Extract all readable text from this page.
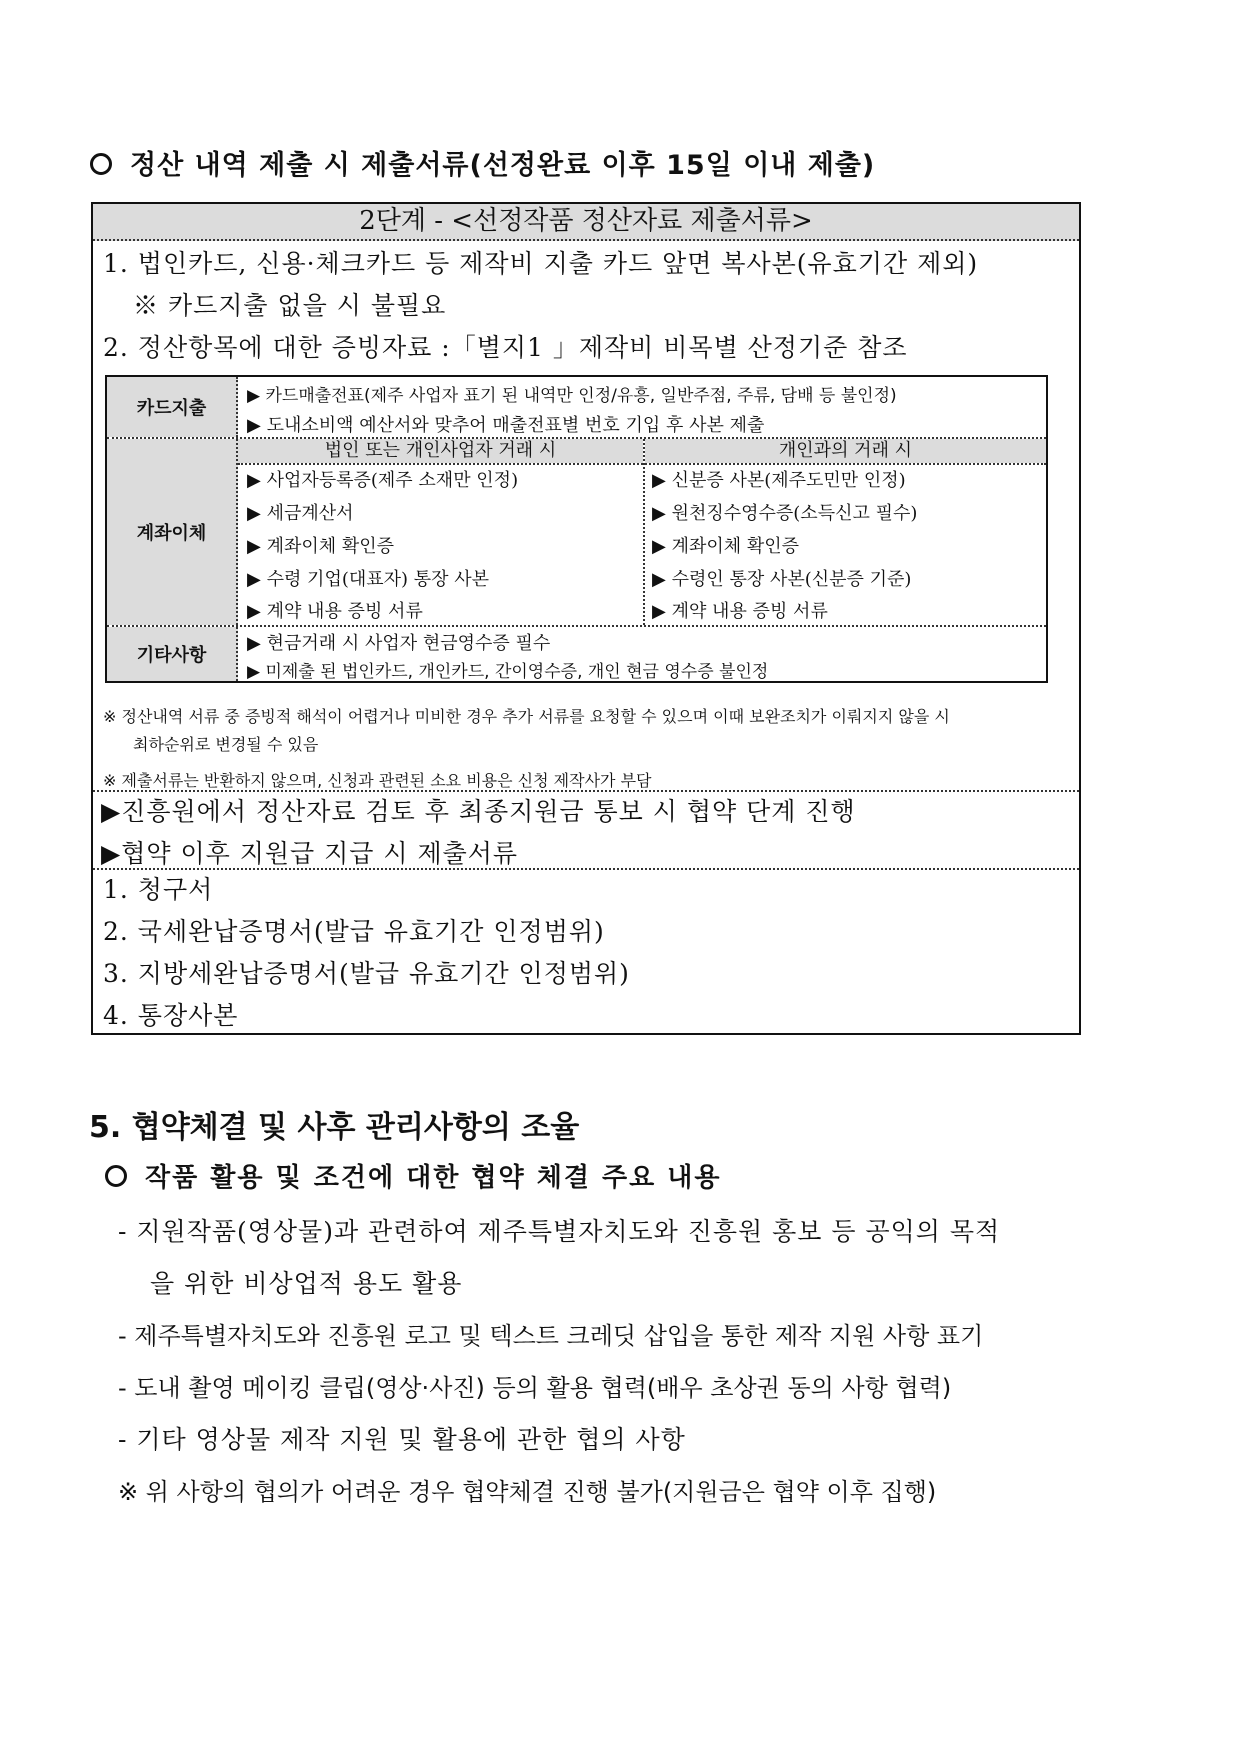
정산 내역 제출 시 제출서류(선정완료 이후 15일 이내 제출)
2단계 - <선정작품 정산자료 제출서류>
1. 법인카드, 신용·체크카드 등 제작비 지출 카드 앞면 복사본(유효기간 제외)
※ 카드지출 없을 시 불필요
2. 정산항목에 대한 증빙자료 :「별지1 」제작비 비목별 산정기준 참조
카드지출
▶ 카드매출전표(제주 사업자 표기 된 내역만 인정/유흥, 일반주점, 주류, 담배 등 불인정)
▶ 도내소비액 예산서와 맞추어 매출전표별 번호 기입 후 사본 제출
계좌이체
법인 또는 개인사업자 거래 시	개인과의 거래 시
▶ 사업자등록증(제주 소재만 인정)
▶ 세금계산서
▶ 계좌이체 확인증
▶ 수령 기업(대표자) 통장 사본
▶ 계약 내용 증빙 서류
▶ 신분증 사본(제주도민만 인정)
▶ 원천징수영수증(소득신고 필수)
▶ 계좌이체 확인증
▶ 수령인 통장 사본(신분증 기준)
▶ 계약 내용 증빙 서류
기타사항
▶ 현금거래 시 사업자 현금영수증 필수
▶ 미제출 된 법인카드, 개인카드, 간이영수증, 개인 현금 영수증 불인정
※ 정산내역 서류 중 증빙적 해석이 어렵거나 미비한 경우 추가 서류를 요청할 수 있으며 이때 보완조치가 이뤄지지 않을 시
최하순위로 변경될 수 있음
※ 제출서류는 반환하지 않으며, 신청과 관련된 소요 비용은 신청 제작사가 부담
▶진흥원에서 정산자료 검토 후 최종지원금 통보 시 협약 단계 진행
▶협약 이후 지원급 지급 시 제출서류
1. 청구서
2. 국세완납증명서(발급 유효기간 인정범위)
3. 지방세완납증명서(발급 유효기간 인정범위)
4. 통장사본
5. 협약체결 및 사후 관리사항의 조율
작품 활용 및 조건에 대한 협약 체결 주요 내용
- 지원작품(영상물)과 관련하여 제주특별자치도와 진흥원 홍보 등 공익의 목적
을 위한 비상업적 용도 활용
- 제주특별자치도와 진흥원 로고 및 텍스트 크레딧 삽입을 통한 제작 지원 사항 표기
- 도내 촬영 메이킹 클립(영상·사진) 등의 활용 협력(배우 초상권 동의 사항 협력)
- 기타 영상물 제작 지원 및 활용에 관한 협의 사항
※ 위 사항의 협의가 어려운 경우 협약체결 진행 불가(지원금은 협약 이후 집행)
